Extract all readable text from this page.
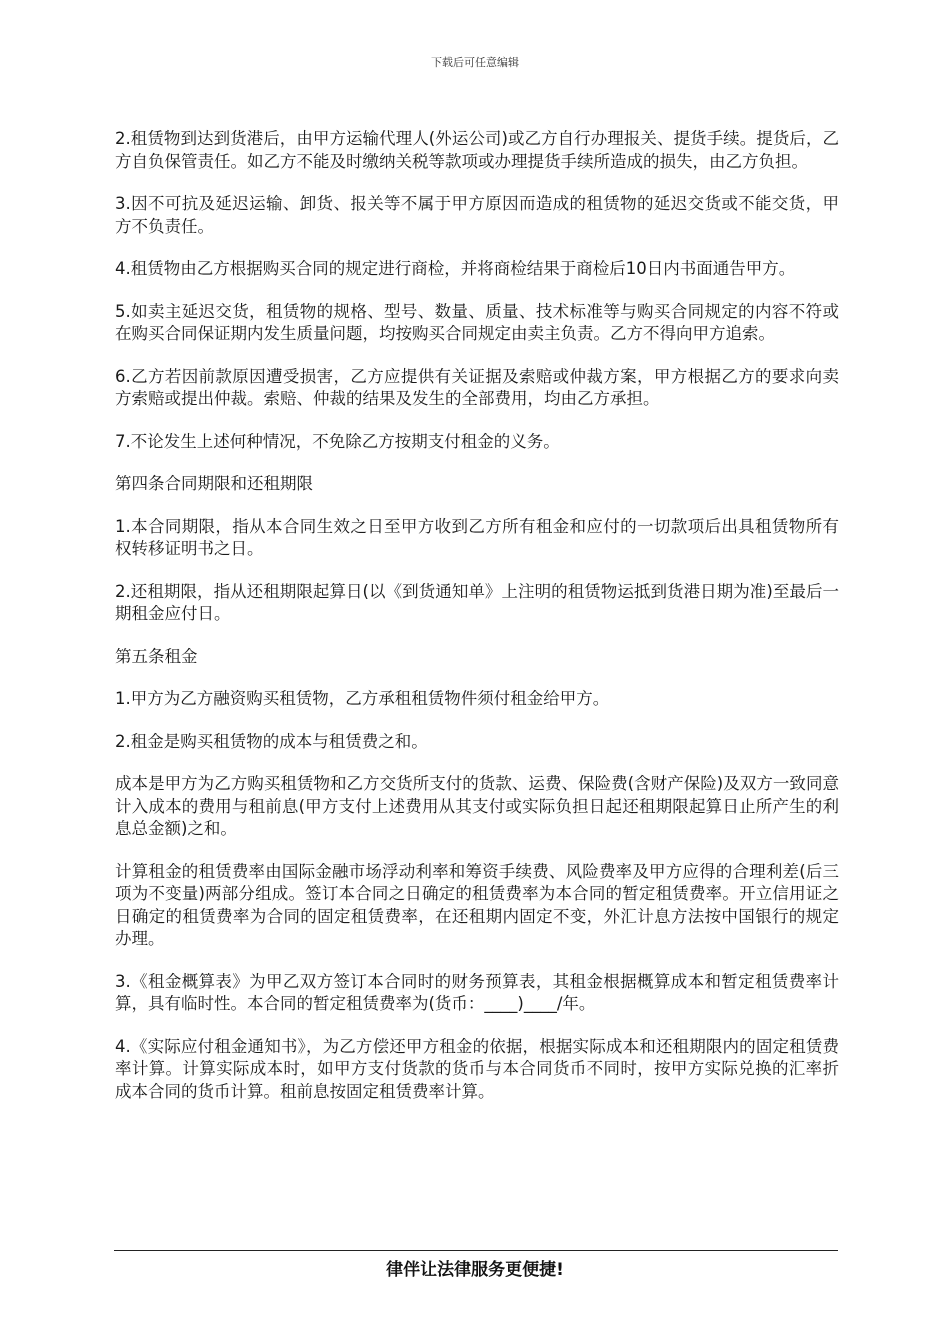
下载后可任意编辑

2.租赁物到达到货港后，由甲方运输代理人(外运公司)或乙方自行办理报关、提货手续。提货后，乙方自负保管责任。如乙方不能及时缴纳关税等款项或办理提货手续所造成的损失，由乙方负担。

3.因不可抗及延迟运输、卸货、报关等不属于甲方原因而造成的租赁物的延迟交货或不能交货，甲方不负责任。

4.租赁物由乙方根据购买合同的规定进行商检，并将商检结果于商检后10日内书面通告甲方。

5.如卖主延迟交货，租赁物的规格、型号、数量、质量、技术标准等与购买合同规定的内容不符或在购买合同保证期内发生质量问题，均按购买合同规定由卖主负责。乙方不得向甲方追索。

6.乙方若因前款原因遭受损害，乙方应提供有关证据及索赔或仲裁方案，甲方根据乙方的要求向卖方索赔或提出仲裁。索赔、仲裁的结果及发生的全部费用，均由乙方承担。

7.不论发生上述何种情况，不免除乙方按期支付租金的义务。

第四条合同期限和还租期限

1.本合同期限，指从本合同生效之日至甲方收到乙方所有租金和应付的一切款项后出具租赁物所有权转移证明书之日。

2.还租期限，指从还租期限起算日(以《到货通知单》上注明的租赁物运抵到货港日期为准)至最后一期租金应付日。

第五条租金

1.甲方为乙方融资购买租赁物，乙方承租租赁物件须付租金给甲方。

2.租金是购买租赁物的成本与租赁费之和。

成本是甲方为乙方购买租赁物和乙方交货所支付的货款、运费、保险费(含财产保险)及双方一致同意计入成本的费用与租前息(甲方支付上述费用从其支付或实际负担日起还租期限起算日止所产生的利息总金额)之和。

计算租金的租赁费率由国际金融市场浮动利率和筹资手续费、风险费率及甲方应得的合理利差(后三项为不变量)两部分组成。签订本合同之日确定的租赁费率为本合同的暂定租赁费率。开立信用证之日确定的租赁费率为合同的固定租赁费率，在还租期内固定不变，外汇计息方法按中国银行的规定办理。

3.《租金概算表》为甲乙双方签订本合同时的财务预算表，其租金根据概算成本和暂定租赁费率计算，具有临时性。本合同的暂定租赁费率为(货币：____)____/年。

4.《实际应付租金通知书》，为乙方偿还甲方租金的依据，根据实际成本和还租期限内的固定租赁费率计算。计算实际成本时，如甲方支付货款的货币与本合同货币不同时，按甲方实际兑换的汇率折成本合同的货币计算。租前息按固定租赁费率计算。

律伴让法律服务更便捷!
